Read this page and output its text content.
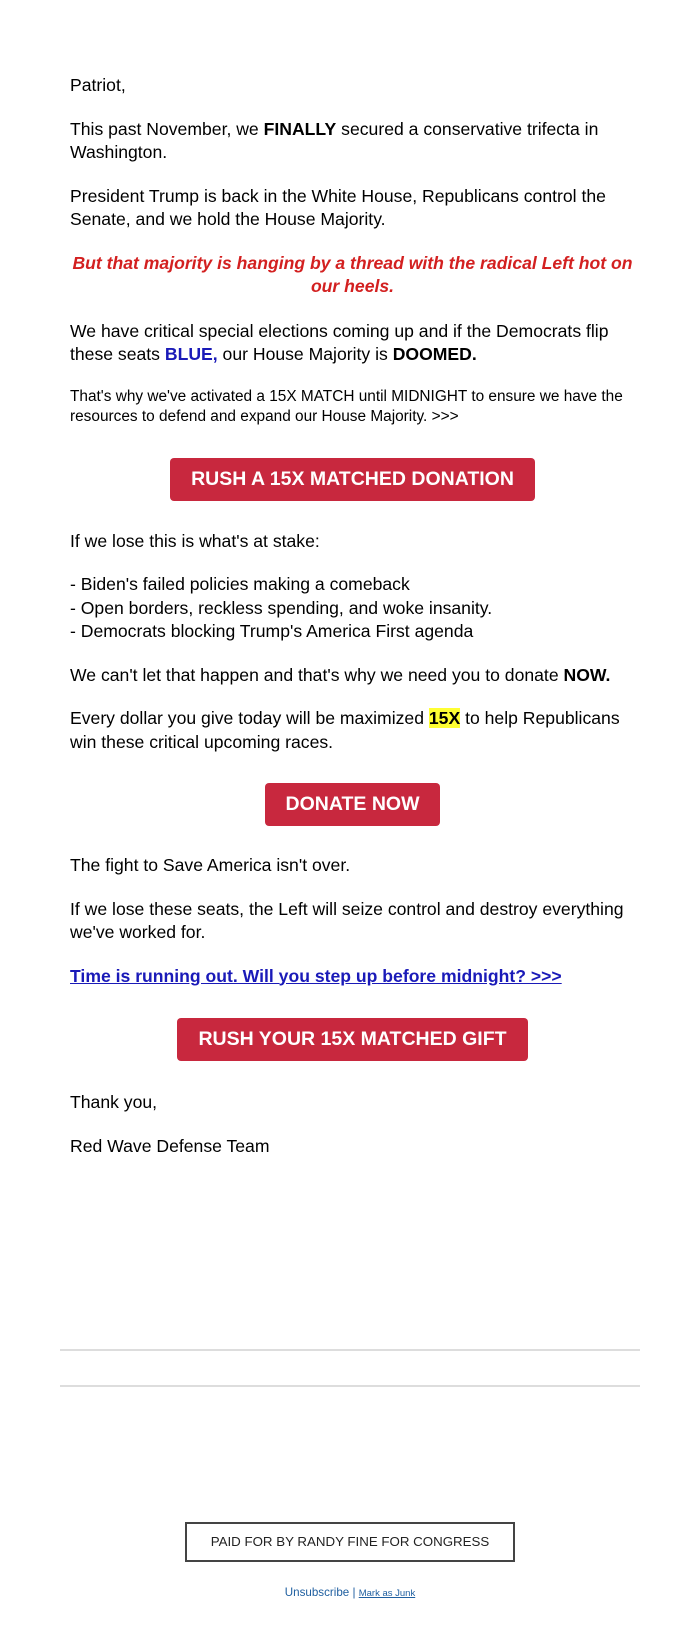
Patriot,

This past November, we FINALLY secured a conservative trifecta in Washington.

President Trump is back in the White House, Republicans control the Senate, and we hold the House Majority.

But that majority is hanging by a thread with the radical Left hot on our heels.

We have critical special elections coming up and if the Democrats flip these seats BLUE, our House Majority is DOOMED.

That's why we've activated a 15X MATCH until MIDNIGHT to ensure we have the resources to defend and expand our House Majority. >>>

RUSH A 15X MATCHED DONATION

If we lose this is what's at stake:

- Biden's failed policies making a comeback

- Open borders, reckless spending, and woke insanity.

- Democrats blocking Trump's America First agenda

We can't let that happen and that's why we need you to donate NOW.

Every dollar you give today will be maximized 15X to help Republicans win these critical upcoming races.

DONATE NOW

The fight to Save America isn't over.

If we lose these seats, the Left will seize control and destroy everything we've worked for.

Time is running out. Will you step up before midnight? >>>

RUSH YOUR 15X MATCHED GIFT

Thank you,

Red Wave Defense Team

PAID FOR BY RANDY FINE FOR CONGRESS
Unsubscribe | Mark as Junk
